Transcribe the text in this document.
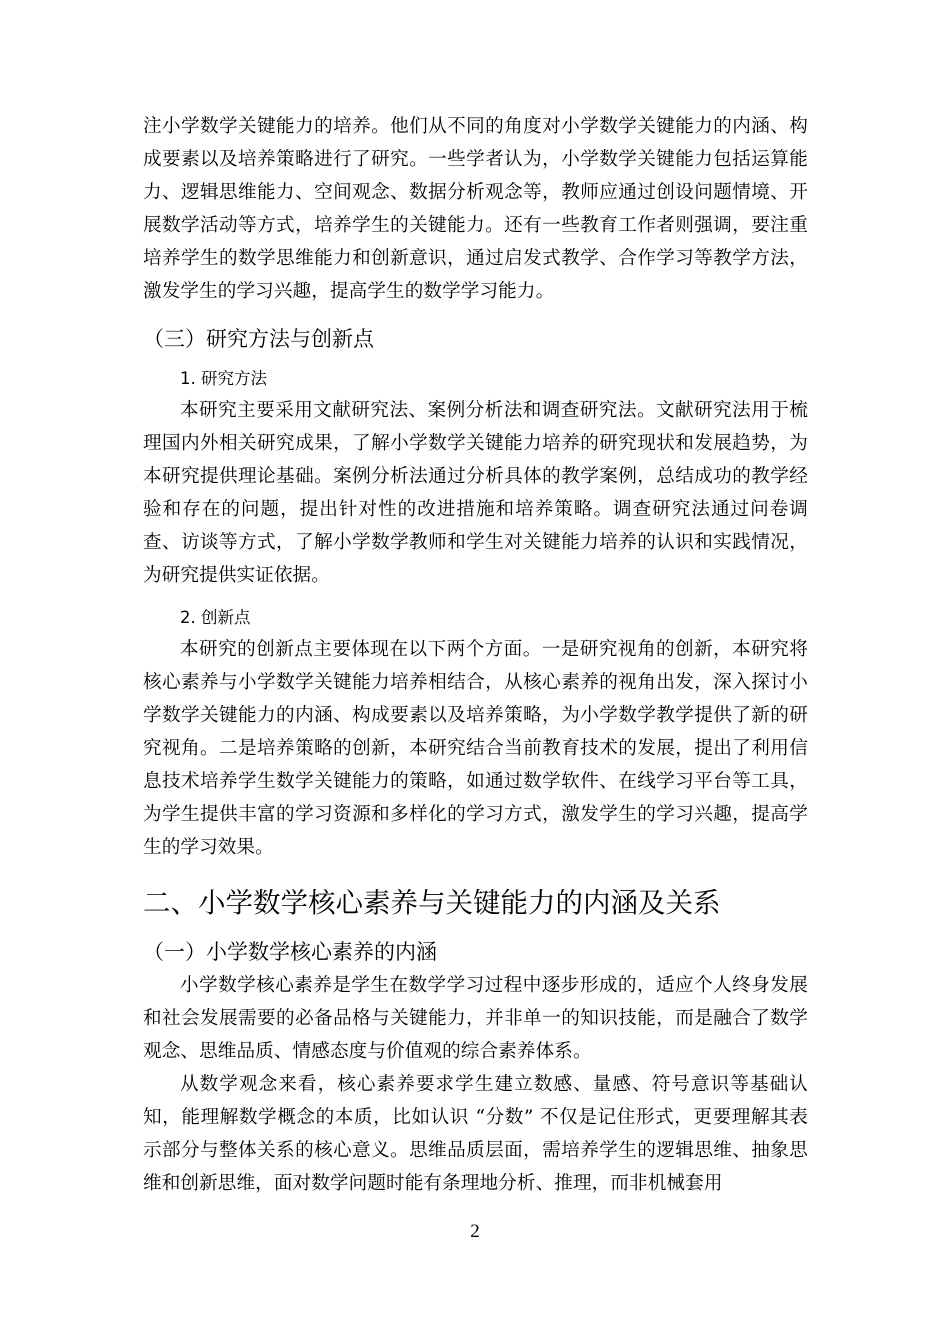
注小学数学关键能力的培养。他们从不同的角度对小学数学关键能力的内涵、构成要素以及培养策略进行了研究。一些学者认为，小学数学关键能力包括运算能力、逻辑思维能力、空间观念、数据分析观念等，教师应通过创设问题情境、开展数学活动等方式，培养学生的关键能力。还有一些教育工作者则强调，要注重培养学生的数学思维能力和创新意识，通过启发式教学、合作学习等教学方法，激发学生的学习兴趣，提高学生的数学学习能力。

（三）研究方法与创新点
1. 研究方法

本研究主要采用文献研究法、案例分析法和调查研究法。文献研究法用于梳理国内外相关研究成果，了解小学数学关键能力培养的研究现状和发展趋势，为本研究提供理论基础。案例分析法通过分析具体的教学案例，总结成功的教学经验和存在的问题，提出针对性的改进措施和培养策略。调查研究法通过问卷调查、访谈等方式，了解小学数学教师和学生对关键能力培养的认识和实践情况，为研究提供实证依据。

2. 创新点

本研究的创新点主要体现在以下两个方面。一是研究视角的创新，本研究将核心素养与小学数学关键能力培养相结合，从核心素养的视角出发，深入探讨小学数学关键能力的内涵、构成要素以及培养策略，为小学数学教学提供了新的研究视角。二是培养策略的创新，本研究结合当前教育技术的发展，提出了利用信息技术培养学生数学关键能力的策略，如通过数学软件、在线学习平台等工具，为学生提供丰富的学习资源和多样化的学习方式，激发学生的学习兴趣，提高学生的学习效果。

二、小学数学核心素养与关键能力的内涵及关系
（一）小学数学核心素养的内涵

小学数学核心素养是学生在数学学习过程中逐步形成的，适应个人终身发展和社会发展需要的必备品格与关键能力，并非单一的知识技能，而是融合了数学观念、思维品质、情感态度与价值观的综合素养体系。

从数学观念来看，核心素养要求学生建立数感、量感、符号意识等基础认知，能理解数学概念的本质，比如认识 “分数” 不仅是记住形式，更要理解其表示部分与整体关系的核心意义。思维品质层面，需培养学生的逻辑思维、抽象思维和创新思维，面对数学问题时能有条理地分析、推理，而非机械套用

2
